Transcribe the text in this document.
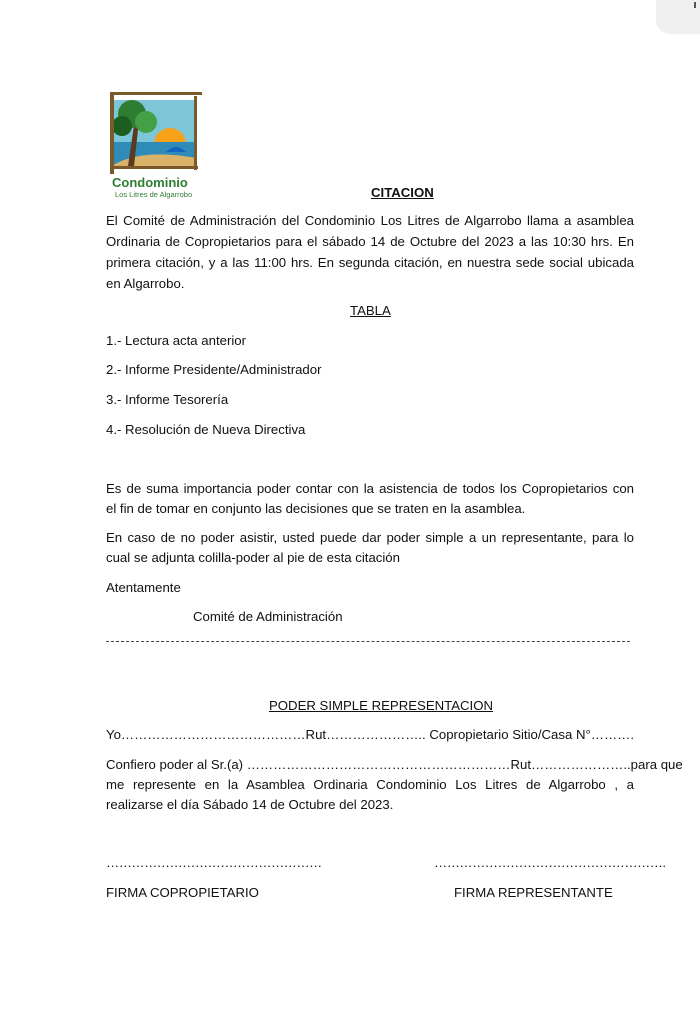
Condominio
Los Litres de Algarrobo	CITACION
El Comité de Administración del Condominio Los Litres de Algarrobo llama a asamblea
Ordinaria de Copropietarios para el sábado 14 de Octubre del 2023 a las 10:30 hrs. En
primera citación, y a las 11:00 hrs. En segunda citación, en nuestra sede social ubicada
en Algarrobo.
TABLA
1.- Lectura acta anterior
2.- Informe Presidente/Administrador
3.- Informe Tesorería
4.- Resolución de Nueva Directiva
Es de suma importancia poder contar con la asistencia de todos los Copropietarios con
el fin de tomar en conjunto las decisiones que se traten en la asamblea.
En caso de no poder asistir, usted puede dar poder simple a un representante, para lo
cual se adjunta colilla-poder al pie de esta citación
Atentamente
Comité de Administración
PODER SIMPLE REPRESENTACION
Yo……………………………………Rut………………….. Copropietario Sitio/Casa N°……….
Confiero poder al Sr.(a) ……………………………………………………Rut…………………..para que
me represente en la Asamblea Ordinaria Condominio Los Litres de Algarrobo , a
realizarse el día Sábado 14 de Octubre del 2023.
……………………………………………	……………………………………………….
FIRMA COPROPIETARIO	FIRMA REPRESENTANTE
